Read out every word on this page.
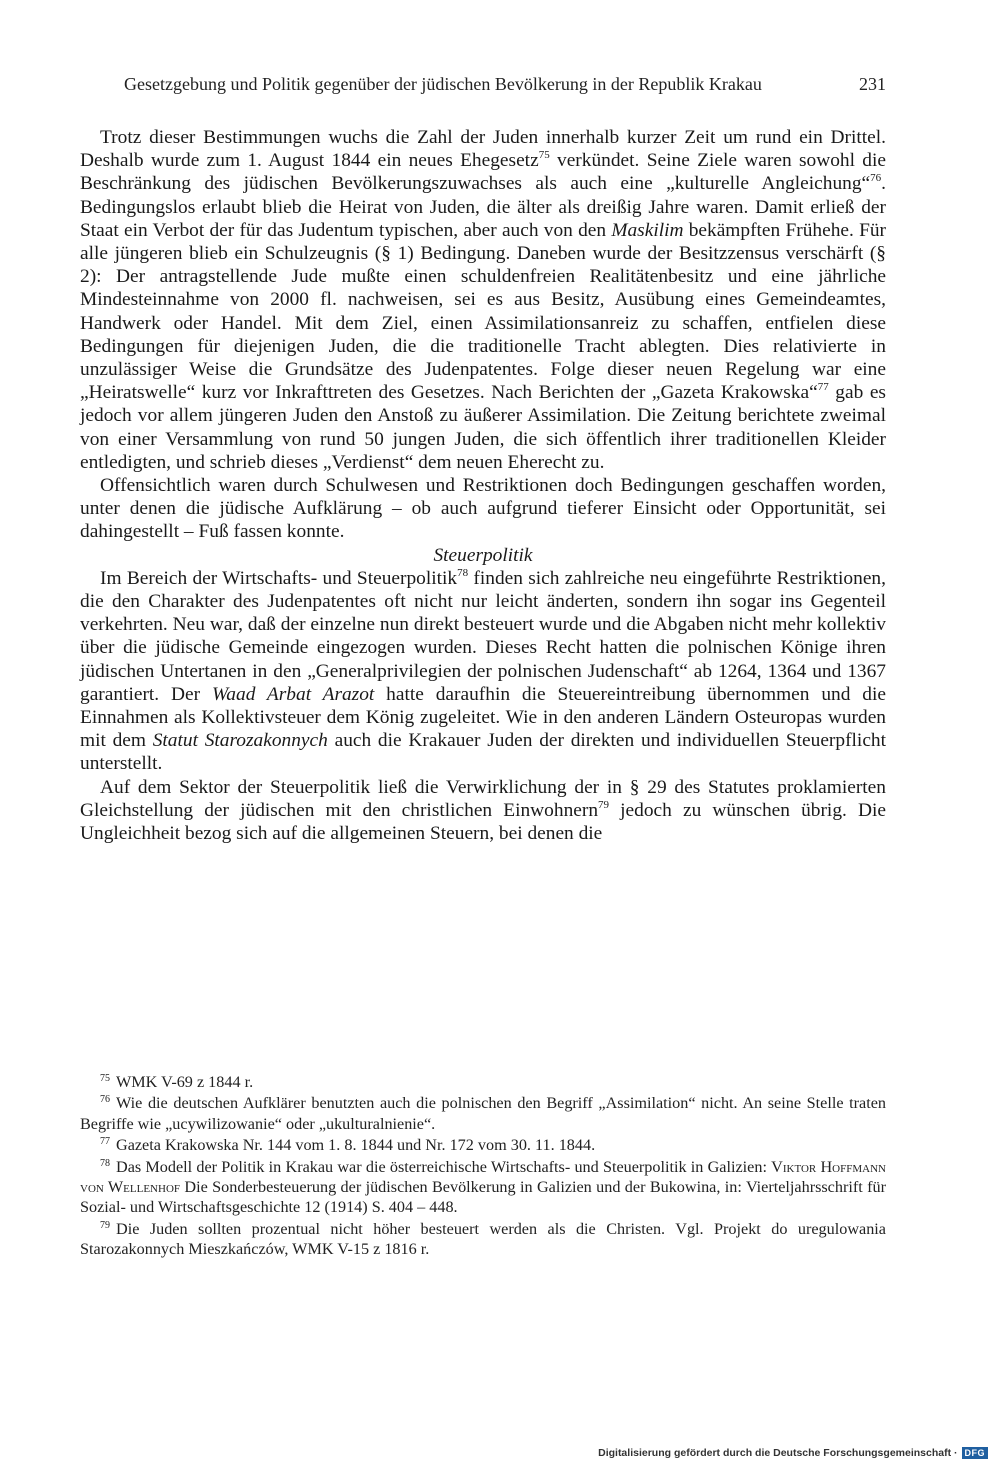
Gesetzgebung und Politik gegenüber der jüdischen Bevölkerung in der Republik Krakau	231

Trotz dieser Bestimmungen wuchs die Zahl der Juden innerhalb kurzer Zeit um rund ein Drittel. Deshalb wurde zum 1. August 1844 ein neues Ehegesetz$^{75}$ verkündet. Seine Ziele waren sowohl die Beschränkung des jüdischen Bevölkerungszuwachses als auch eine „kulturelle Angleichung“$^{76}$. Bedingungslos erlaubt blieb die Heirat von Juden, die älter als dreißig Jahre waren. Damit erließ der Staat ein Verbot der für das Judentum typischen, aber auch von den Maskilim bekämpften Frühehe. Für alle jüngeren blieb ein Schulzeugnis (§ 1) Bedingung. Daneben wurde der Besitzzensus verschärft (§ 2): Der antragstellende Jude mußte einen schuldenfreien Realitätenbesitz und eine jährliche Mindesteinnahme von 2000 fl. nachweisen, sei es aus Besitz, Ausübung eines Gemeindeamtes, Handwerk oder Handel. Mit dem Ziel, einen Assimilationsanreiz zu schaffen, entfielen diese Bedingungen für diejenigen Juden, die die traditionelle Tracht ablegten. Dies relativierte in unzulässiger Weise die Grundsätze des Judenpatentes. Folge dieser neuen Regelung war eine „Heiratswelle“ kurz vor Inkrafttreten des Gesetzes. Nach Berichten der „Gazeta Krakowska“$^{77}$ gab es jedoch vor allem jüngeren Juden den Anstoß zu äußerer Assimilation. Die Zeitung berichtete zweimal von einer Versammlung von rund 50 jungen Juden, die sich öffentlich ihrer traditionellen Kleider entledigten, und schrieb dieses „Verdienst“ dem neuen Eherecht zu.

Offensichtlich waren durch Schulwesen und Restriktionen doch Bedingungen geschaffen worden, unter denen die jüdische Aufklärung – ob auch aufgrund tieferer Einsicht oder Opportunität, sei dahingestellt – Fuß fassen konnte.

Steuerpolitik

Im Bereich der Wirtschafts- und Steuerpolitik$^{78}$ finden sich zahlreiche neu eingeführte Restriktionen, die den Charakter des Judenpatentes oft nicht nur leicht änderten, sondern ihn sogar ins Gegenteil verkehrten. Neu war, daß der einzelne nun direkt besteuert wurde und die Abgaben nicht mehr kollektiv über die jüdische Gemeinde eingezogen wurden. Dieses Recht hatten die polnischen Könige ihren jüdischen Untertanen in den „Generalprivilegien der polnischen Judenschaft“ ab 1264, 1364 und 1367 garantiert. Der Waad Arbat Arazot hatte daraufhin die Steuereintreibung übernommen und die Einnahmen als Kollektivsteuer dem König zugeleitet. Wie in den anderen Ländern Osteuropas wurden mit dem Statut Starozakonnych auch die Krakauer Juden der direkten und individuellen Steuerpflicht unterstellt.

Auf dem Sektor der Steuerpolitik ließ die Verwirklichung der in § 29 des Statutes proklamierten Gleichstellung der jüdischen mit den christlichen Einwohnern$^{79}$ jedoch zu wünschen übrig. Die Ungleichheit bezog sich auf die allgemeinen Steuern, bei denen die

$^{75}$ WMK V-69 z 1844 r.

$^{76}$ Wie die deutschen Aufklärer benutzten auch die polnischen den Begriff „Assimilation“ nicht. An seine Stelle traten Begriffe wie „ucywilizowanie“ oder „ukulturalnienie“.

$^{77}$ Gazeta Krakowska Nr. 144 vom 1. 8. 1844 und Nr. 172 vom 30. 11. 1844.

$^{78}$ Das Modell der Politik in Krakau war die österreichische Wirtschafts- und Steuerpolitik in Galizien: Viktor Hoffmann von Wellenhof Die Sonderbesteuerung der jüdischen Bevölkerung in Galizien und der Bukowina, in: Vierteljahrsschrift für Sozial- und Wirtschaftsgeschichte 12 (1914) S. 404 – 448.

$^{79}$ Die Juden sollten prozentual nicht höher besteuert werden als die Christen. Vgl. Projekt do uregulowania Starozakonnych Mieszkańczów, WMK V-15 z 1816 r.

Digitalisierung gefördert durch die Deutsche Forschungsgemeinschaft · DFG
